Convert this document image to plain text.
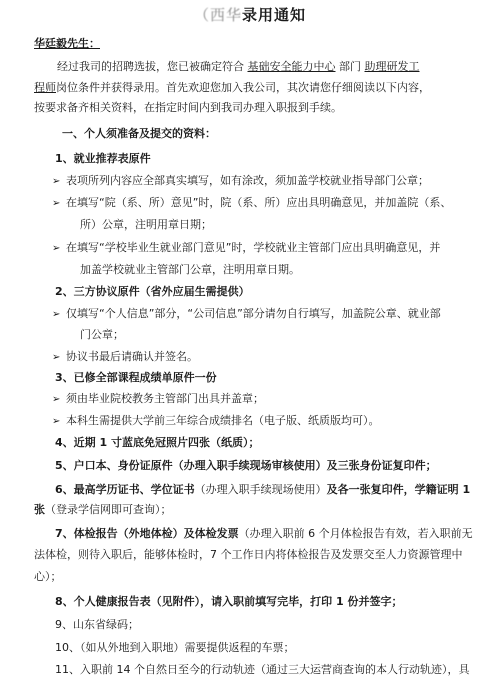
（西华录用通知
华廷毅先生：
经过我司的招聘选拔，您已被确定符合 基础安全能力中心 部门 助理研发工
程师岗位条件并获得录用。首先欢迎您加入我公司，其次请您仔细阅读以下内容，
按要求备齐相关资料，在指定时间内到我司办理入职报到手续。
一、个人须准备及提交的资料：
1、就业推荐表原件
➢ 表项所列内容应全部真实填写，如有涂改，须加盖学校就业指导部门公章；
➢ 在填写“院（系、所）意见”时，院（系、所）应出具明确意见，并加盖院（系、
所）公章，注明用章日期；
➢ 在填写“学校毕业生就业部门意见”时，学校就业主管部门应出具明确意见，并
加盖学校就业主管部门公章，注明用章日期。
2、三方协议原件（省外应届生需提供）
➢ 仅填写“个人信息”部分，“公司信息”部分请勿自行填写，加盖院公章、就业部
门公章；
➢ 协议书最后请确认并签名。
3、已修全部课程成绩单原件一份
➢ 须由毕业院校教务主管部门出具并盖章；
➢ 本科生需提供大学前三年综合成绩排名（电子版、纸质版均可）。
4、近期 1 寸蓝底免冠照片四张（纸质）；
5、户口本、身份证原件（办理入职手续现场审核使用）及三张身份证复印件；
6、最高学历证书、学位证书（办理入职手续现场使用）及各一张复印件，学籍证明 1
张（登录学信网即可查询）；
7、体检报告（外地体检）及体检发票（办理入职前 6 个月体检报告有效，若入职前无
法体检，则待入职后，能够体检时，7 个工作日内将体检报告及发票交至人力资源管理中
心）；
8、个人健康报告表（见附件），请入职前填写完毕，打印 1 份并签字；
9、山东省绿码；
10、（如从外地到入职地）需要提供返程的车票；
11、入职前 14 个自然日至今的行动轨迹（通过三大运营商查询的本人行动轨迹），具
